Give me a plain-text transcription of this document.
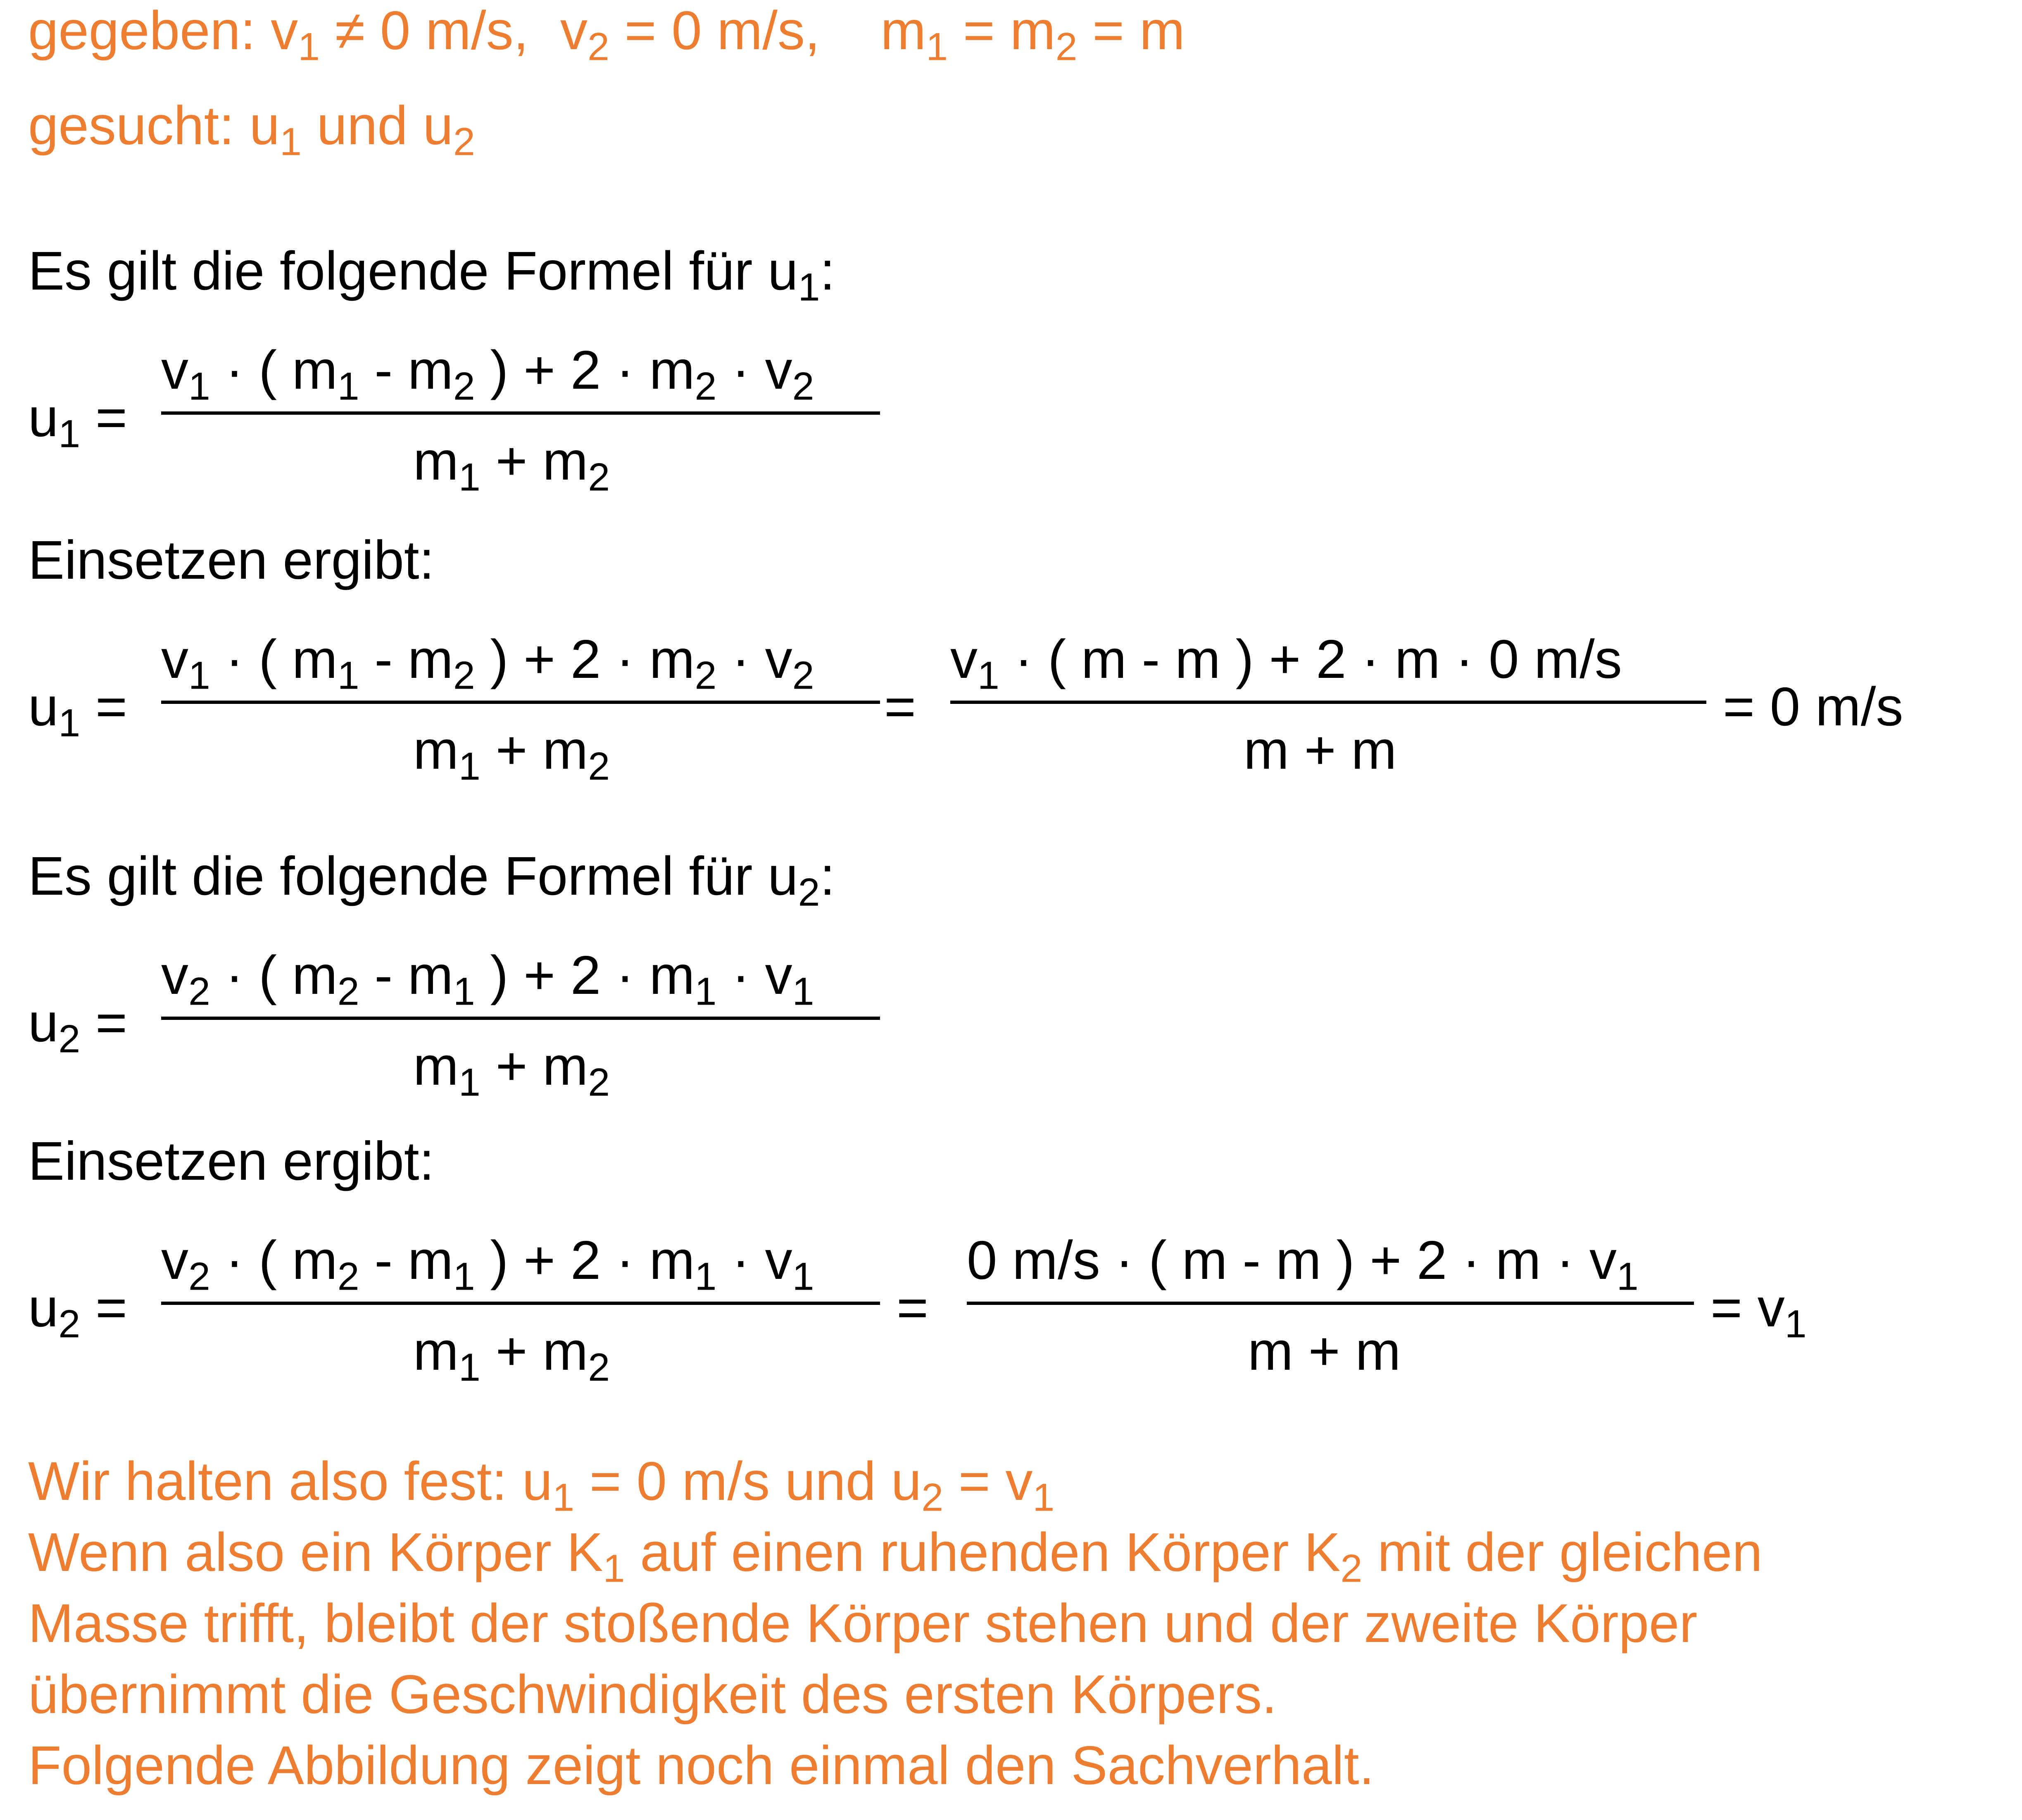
gegeben: $v_1 \ne 0$ m/s, $v_2 = 0$ m/s, $m_1 = m_2 = m$
gesucht: $u_1$ und $u_2$
Es gilt die folgende Formel für $u_1$:
$u_1$ =
$v_1$ · ( $m_1 - m_2$ ) + $2 \cdot m_2 \cdot v_2$
$m_1 + m_2$
Einsetzen ergibt:
$u_1$ =
$v_1$ · ( $m_1 - m_2$ ) + $2 \cdot m_2 \cdot v_2$
$m_1 + m_2$
=
$v_1$ · ( m - m ) + 2 · m · 0 m/s
m + m
= 0 m/s
Es gilt die folgende Formel für $u_2$:
$u_2$ =
$v_2$ · ( $m_2 - m_1$ ) + $2 \cdot m_1 \cdot v_1$
$m_1 + m_2$
Einsetzen ergibt:
$u_2$ =
$v_2$ · ( $m_2 - m_1$ ) + $2 \cdot m_1 \cdot v_1$
$m_1 + m_2$
=
0 m/s · ( m - m ) + $2 \cdot m \cdot v_1$
m + m
= $v_1$
Wir halten also fest: $u_1 = 0$ m/s und $u_2 = v_1$
Wenn also ein Körper $K_1$ auf einen ruhenden Körper $K_2$ mit der gleichen
Masse trifft, bleibt der stoßende Körper stehen und der zweite Körper
übernimmt die Geschwindigkeit des ersten Körpers.
Folgende Abbildung zeigt noch einmal den Sachverhalt.
